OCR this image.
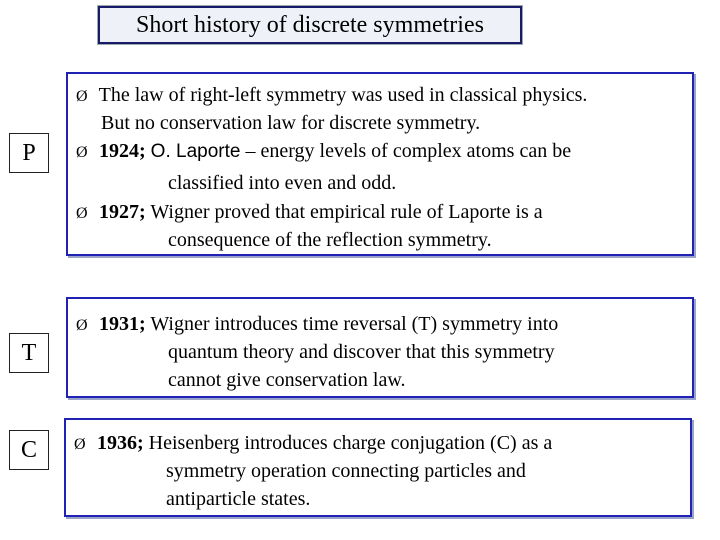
Short history of discrete symmetries
P
T
C
Ø The law of right-left symmetry was used in classical physics.
But no conservation law for discrete symmetry.
Ø 1924; O. Laporte – energy levels of complex atoms can be
classified into even and odd.
Ø 1927; Wigner proved that empirical rule of Laporte is a
consequence of the reflection symmetry.
Ø 1931; Wigner introduces time reversal (T) symmetry into
quantum theory and discover that this symmetry
cannot give conservation law.
Ø 1936; Heisenberg introduces charge conjugation (C) as a
symmetry operation connecting particles and
antiparticle states.
